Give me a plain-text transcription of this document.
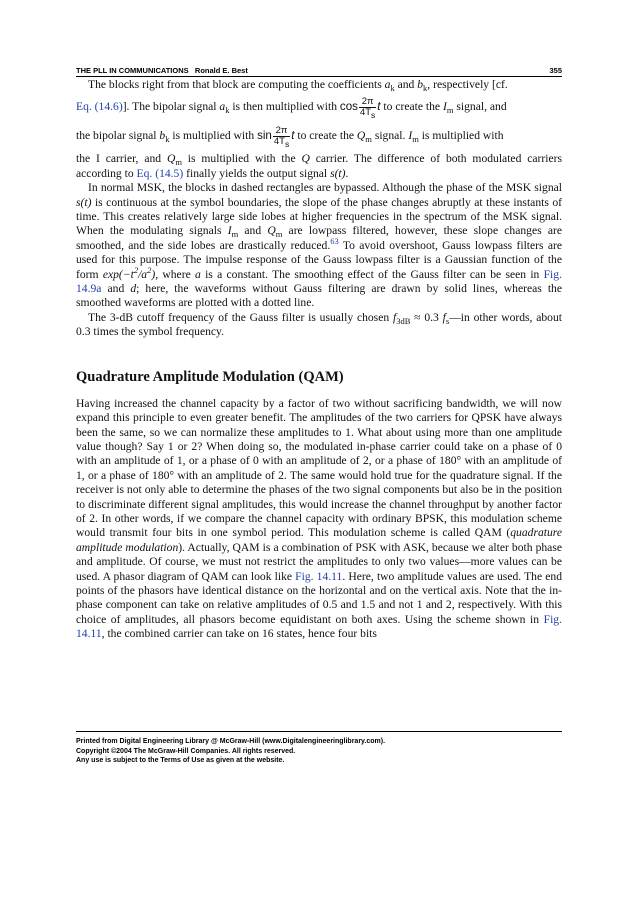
THE PLL IN COMMUNICATIONS Ronald E. Best	355

The blocks right from that block are computing the coefficients $a_k$ and $b_k$, respectively [cf.

Eq. (14.6)]. The bipolar signal $a_k$ is then multiplied with $\cos \frac{2\pi}{4T_s}$ t to create the $I_m$ signal, and

the bipolar signal $b_k$ is multiplied with $\sin \frac{2\pi}{4T_s}$ t to create the $Q_m$ signal. $I_m$ is multiplied with

the I carrier, and $Q_m$ is multiplied with the Q carrier. The difference of both modulated carriers according to Eq. (14.5) finally yields the output signal s(t).

In normal MSK, the blocks in dashed rectangles are bypassed. Although the phase of the MSK signal s(t) is continuous at the symbol boundaries, the slope of the phase changes abruptly at these instants of time. This creates relatively large side lobes at higher frequencies in the spectrum of the MSK signal. When the modulating signals $I_m$ and $Q_m$ are lowpass filtered, however, these slope changes are smoothed, and the side lobes are drastically reduced.$^{63}$ To avoid overshoot, Gauss lowpass filters are used for this purpose. The impulse response of the Gauss lowpass filter is a Gaussian function of the form $\exp(-t^2/a^2)$, where a is a constant. The smoothing effect of the Gauss filter can be seen in Fig. 14.9a and d; here, the waveforms without Gauss filtering are drawn by solid lines, whereas the smoothed waveforms are plotted with a dotted line.

The 3-dB cutoff frequency of the Gauss filter is usually chosen $f_{3dB} \approx 0.3$ $f_s—in$ other words, about 0.3 times the symbol frequency.

Quadrature Amplitude Modulation (QAM)

Having increased the channel capacity by a factor of two without sacrificing bandwidth, we will now expand this principle to even greater benefit. The amplitudes of the two carriers for QPSK have always been the same, so we can normalize these amplitudes to 1. What about using more than one amplitude value though? Say 1 or 2? When doing so, the modulated in-phase carrier could take on a phase of 0 with an amplitude of 1, or a phase of 0 with an amplitude of 2, or a phase of 180° with an amplitude of 1, or a phase of 180° with an amplitude of 2. The same would hold true for the quadrature signal. If the receiver is not only able to determine the phases of the two signal components but also be in the position to discriminate different signal amplitudes, this would increase the channel throughput by another factor of 2. In other words, if we compare the channel capacity with ordinary BPSK, this modulation scheme would transmit four bits in one symbol period. This modulation scheme is called QAM (quadrature amplitude modulation). Actually, QAM is a combination of PSK with ASK, because we alter both phase and amplitude. Of course, we must not restrict the amplitudes to only two values—more values can be used. A phasor diagram of QAM can look like Fig. 14.11. Here, two amplitude values are used. The end points of the phasors have identical distance on the horizontal and on the vertical axis. Note that the in-phase component can take on relative amplitudes of 0.5 and 1.5 and not 1 and 2, respectively. With this choice of amplitudes, all phasors become equidistant on both axes. Using the scheme shown in Fig. 14.11, the combined carrier can take on 16 states, hence four bits

Printed from Digital Engineering Library @ McGraw-Hill (www.Digitalengineeringlibrary.com).
Copyright ©2004 The McGraw-Hill Companies. All rights reserved.
Any use is subject to the Terms of Use as given at the website.
